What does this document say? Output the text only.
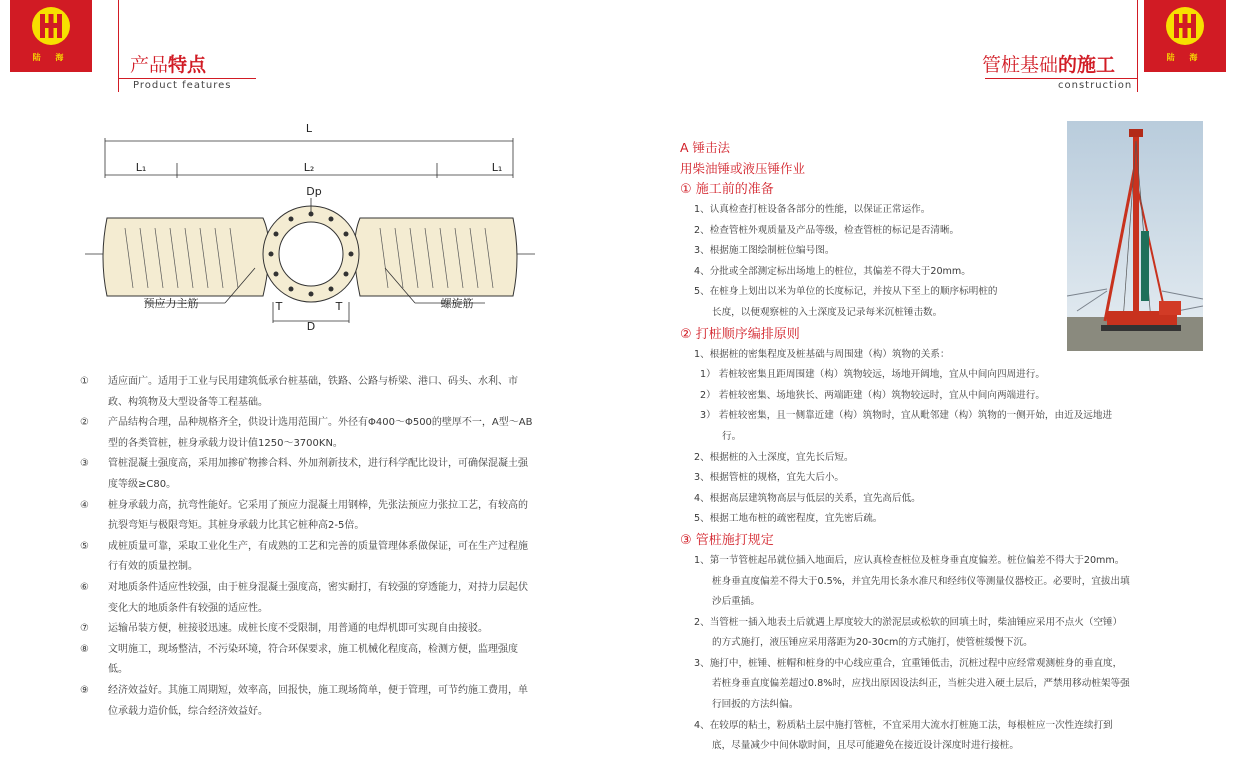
陆 海	产品特点
Product features
陆 海
管桩基础的施工
construction
L
L₁	L₂	L₁
Dp
D
T	T
预应力主筋	螺旋筋
①	适应面广。适用于工业与民用建筑低承台桩基础，铁路、公路与桥梁、港口、码头、水利、市政、构筑物及大型设备等工程基础。
②	产品结构合理，品种规格齐全，供设计选用范围广。外径有Φ400～Φ500的壁厚不一，A型～AB型的各类管桩，桩身承载力设计值1250～3700KN。
③	管桩混凝土强度高，采用加掺矿物掺合料、外加剂新技术，进行科学配比设计，可确保混凝土强度等级≥C80。
④	桩身承载力高，抗弯性能好。它采用了预应力混凝土用钢棒，先张法预应力张拉工艺，有较高的抗裂弯矩与极限弯矩。其桩身承载力比其它桩种高2-5倍。
⑤	成桩质量可靠，采取工业化生产，有成熟的工艺和完善的质量管理体系做保证，可在生产过程施行有效的质量控制。
⑥	对地质条件适应性较强，由于桩身混凝土强度高，密实耐打，有较强的穿透能力，对持力层起伏变化大的地质条件有较强的适应性。
⑦	运输吊装方便，桩接驳迅速。成桩长度不受限制，用普通的电焊机即可实现自由接驳。
⑧	文明施工，现场整洁，不污染环境，符合环保要求，施工机械化程度高，检测方便，监理强度低。
⑨	经济效益好。其施工周期短，效率高，回报快，施工现场简单，便于管理，可节约施工费用，单位承载力造价低，综合经济效益好。
A 锤击法
用柴油锤或液压锤作业
① 施工前的准备
1、认真检查打桩设备各部分的性能，以保证正常运作。
2、检查管桩外观质量及产品等级，检查管桩的标记是否清晰。
3、根据施工图绘制桩位编号图。
4、分批或全部测定标出场地上的桩位，其偏差不得大于20mm。
5、在桩身上划出以米为单位的长度标记，并按从下至上的顺序标明桩的
长度，以便观察桩的入土深度及记录每米沉桩锤击数。
② 打桩顺序编排原则
1、根据桩的密集程度及桩基础与周围建（构）筑物的关系：
1） 若桩较密集且距周围建（构）筑物较远，场地开阔地，宜从中间向四周进行。
2） 若桩较密集、场地狭长、两端距建（构）筑物较远时，宜从中间向两端进行。
3） 若桩较密集，且一侧靠近建（构）筑物时，宜从毗邻建（构）筑物的一侧开始，由近及远地进
行。
2、根据桩的入土深度，宜先长后短。
3、根据管桩的规格，宜先大后小。
4、根据高层建筑物高层与低层的关系，宜先高后低。
5、根据工地布桩的疏密程度，宜先密后疏。
③ 管桩施打规定
1、第一节管桩起吊就位插入地面后，应认真检查桩位及桩身垂直度偏差。桩位偏差不得大于20mm。
桩身垂直度偏差不得大于0.5%，并宜先用长条水准尺和经纬仪等测量仪器校正。必要时，宜拔出填
沙后重插。
2、当管桩一插入地表土后就遇上厚度较大的淤泥层或松软的回填土时，柴油锤应采用不点火（空锤）
的方式施打，液压锤应采用落距为20-30cm的方式施打，使管桩缓慢下沉。
3、施打中，桩锤、桩帽和桩身的中心线应重合，宜重锤低击，沉桩过程中应经常观测桩身的垂直度，
若桩身垂直度偏差超过0.8%时，应找出原因设法纠正，当桩尖进入硬土层后，严禁用移动桩架等强
行回扳的方法纠偏。
4、在较厚的粘土，粉质粘土层中施打管桩，不宜采用大流水打桩施工法，每根桩应一次性连续打到
底，尽量减少中间休歇时间，且尽可能避免在接近设计深度时进行接桩。
